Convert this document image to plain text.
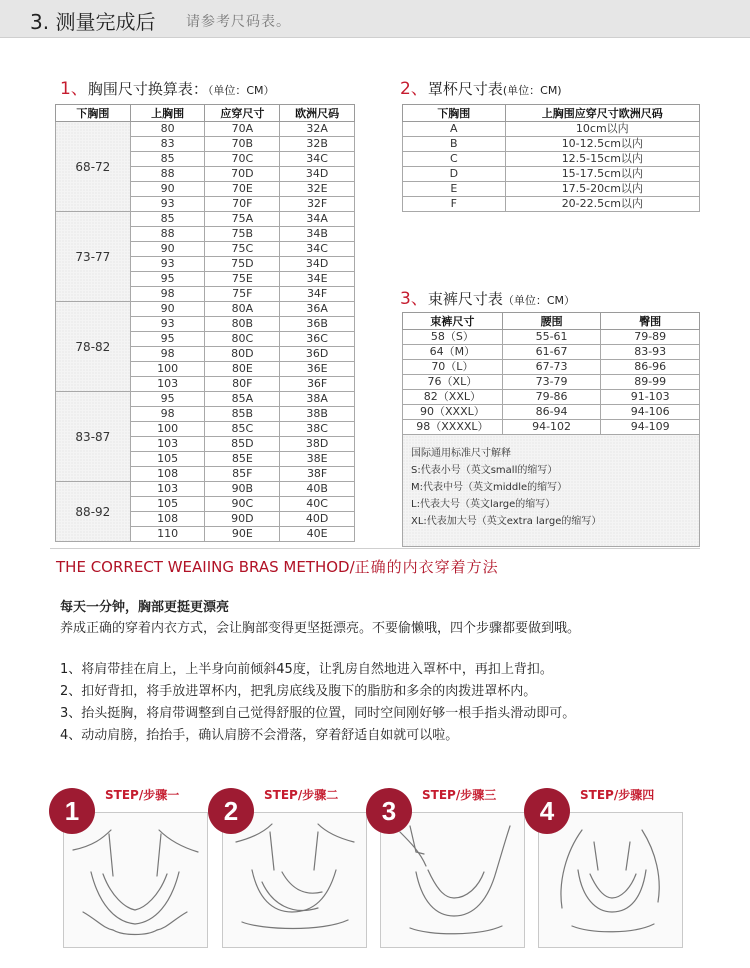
3. 测量完成后 请参考尺码表。
1、胸围尺寸换算表：（单位：CM）
下胸围	上胸围	应穿尺寸	欧洲尺码
68-72	80	70A	32A
	83	70B	32B
	85	70C	34C
	88	70D	34D
	90	70E	32E
	93	70F	32F
73-77	85	75A	34A
	88	75B	34B
	90	75C	34C
	93	75D	34D
	95	75E	34E
	98	75F	34F
78-82	90	80A	36A
	93	80B	36B
	95	80C	36C
	98	80D	36D
	100	80E	36E
	103	80F	36F
83-87	95	85A	38A
	98	85B	38B
	100	85C	38C
	103	85D	38D
	105	85E	38E
	108	85F	38F
88-92	103	90B	40B
	105	90C	40C
	108	90D	40D
	110	90E	40E
2、罩杯尺寸表(单位：CM)
下胸围	上胸围应穿尺寸欧洲尺码
A	10cm以内
B	10-12.5cm以内
C	12.5-15cm以内
D	15-17.5cm以内
E	17.5-20cm以内
F	20-22.5cm以内
3、束裤尺寸表（单位：CM）
束裤尺寸	腰围	臀围
58（S）	55-61	79-89
64（M）	61-67	83-93
70（L）	67-73	86-96
76（XL）	73-79	89-99
82（XXL）	79-86	91-103
90（XXXL）	86-94	94-106
98（XXXXL）	94-102	94-109

国际通用标准尺寸解释
S:代表小号（英文small的缩写）
M:代表中号（英文middle的缩写）
L:代表大号（英文large的缩写）
XL:代表加大号（英文extra large的缩写）		
THE CORRECT WEAIING BRAS METHOD/正确的内衣穿着方法
每天一分钟，胸部更挺更漂亮
养成正确的穿着内衣方式，会让胸部变得更坚挺漂亮。不要偷懒哦，四个步骤都要做到哦。
1、将肩带挂在肩上，上半身向前倾斜45度，让乳房自然地进入罩杯中，再扣上背扣。
2、扣好背扣，将手放进罩杯内，把乳房底线及腹下的脂肪和多余的肉拨进罩杯内。
3、抬头挺胸，将肩带调整到自己觉得舒服的位置，同时空间刚好够一根手指头滑动即可。
4、动动肩膀，抬抬手，确认肩膀不会滑落，穿着舒适自如就可以啦。
STEP/步骤一
1
STEP/步骤二
2
STEP/步骤三
3
STEP/步骤四
4
